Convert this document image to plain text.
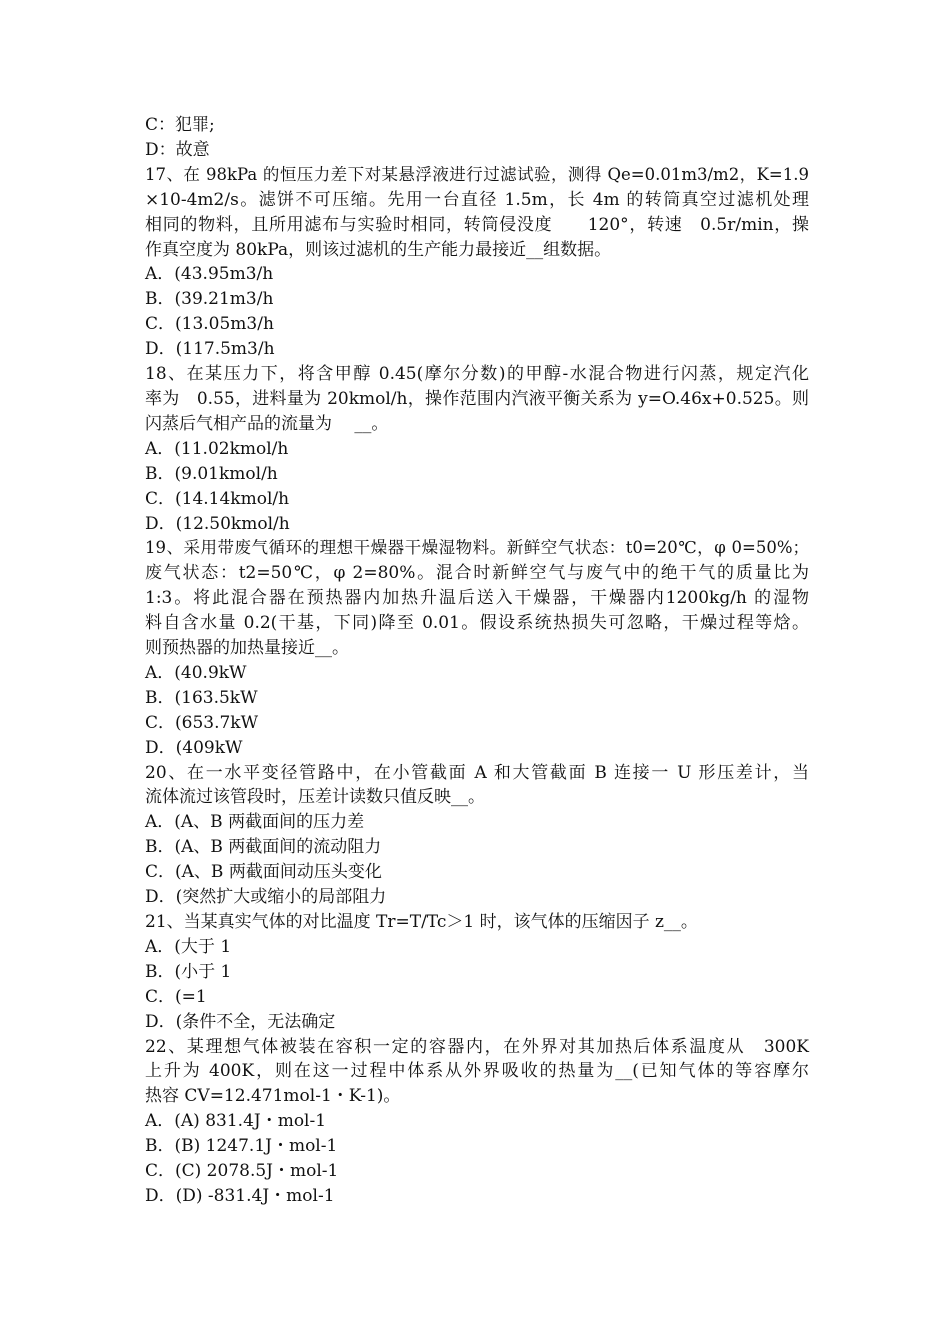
C：犯罪;
D：故意
17、在 98kPa 的恒压力差下对某悬浮液进行过滤试验，测得 Qe=0.01m3/m2，K=1.9
×10-4m2/s。滤饼不可压缩。先用一台直径 1.5m，长 4m 的转筒真空过滤机处理
相同的物料，且所用滤布与实验时相同，转筒侵没度　　120°，转速　0.5r/min，操
作真空度为 80kPa，则该过滤机的生产能力最接近__组数据。
A．(43.95m3/h
B．(39.21m3/h
C．(13.05m3/h
D．(117.5m3/h
18、在某压力下，将含甲醇 0.45(摩尔分数)的甲醇-水混合物进行闪蒸，规定汽化
率为　0.55，进料量为 20kmol/h，操作范围内汽液平衡关系为 y=O.46x+0.525。则
闪蒸后气相产品的流量为　 __。
A．(11.02kmol/h
B．(9.01kmol/h
C．(14.14kmol/h
D．(12.50kmol/h
19、采用带废气循环的理想干燥器干燥湿物料。新鲜空气状态：t0=20℃，φ 0=50%；
废气状态：t2=50℃，φ 2=80%。混合时新鲜空气与废气中的绝干气的质量比为
1:3。将此混合器在预热器内加热升温后送入干燥器，干燥器内1200kg/h 的湿物
料自含水量 0.2(干基，下同)降至 0.01。假设系统热损失可忽略，干燥过程等焓。
则预热器的加热量接近__。
A．(40.9kW
B．(163.5kW
C．(653.7kW
D．(409kW
20、在一水平变径管路中，在小管截面 A 和大管截面 B 连接一 U 形压差计，当
流体流过该管段时，压差计读数只值反映__。
A．(A、B 两截面间的压力差
B．(A、B 两截面间的流动阻力
C．(A、B 两截面间动压头变化
D．(突然扩大或缩小的局部阻力
21、当某真实气体的对比温度 Tr=T/Tc＞1 时，该气体的压缩因子 z__。
A．(大于 1
B．(小于 1
C．(=1
D．(条件不全，无法确定
22、某理想气体被装在容积一定的容器内，在外界对其加热后体系温度从　300K
上升为 400K，则在这一过程中体系从外界吸收的热量为__(已知气体的等容摩尔
热容 CV=12.471mol-1・K-1)。
A．(A) 831.4J・mol-1
B．(B) 1247.1J・mol-1
C．(C) 2078.5J・mol-1
D．(D) -831.4J・mol-1
